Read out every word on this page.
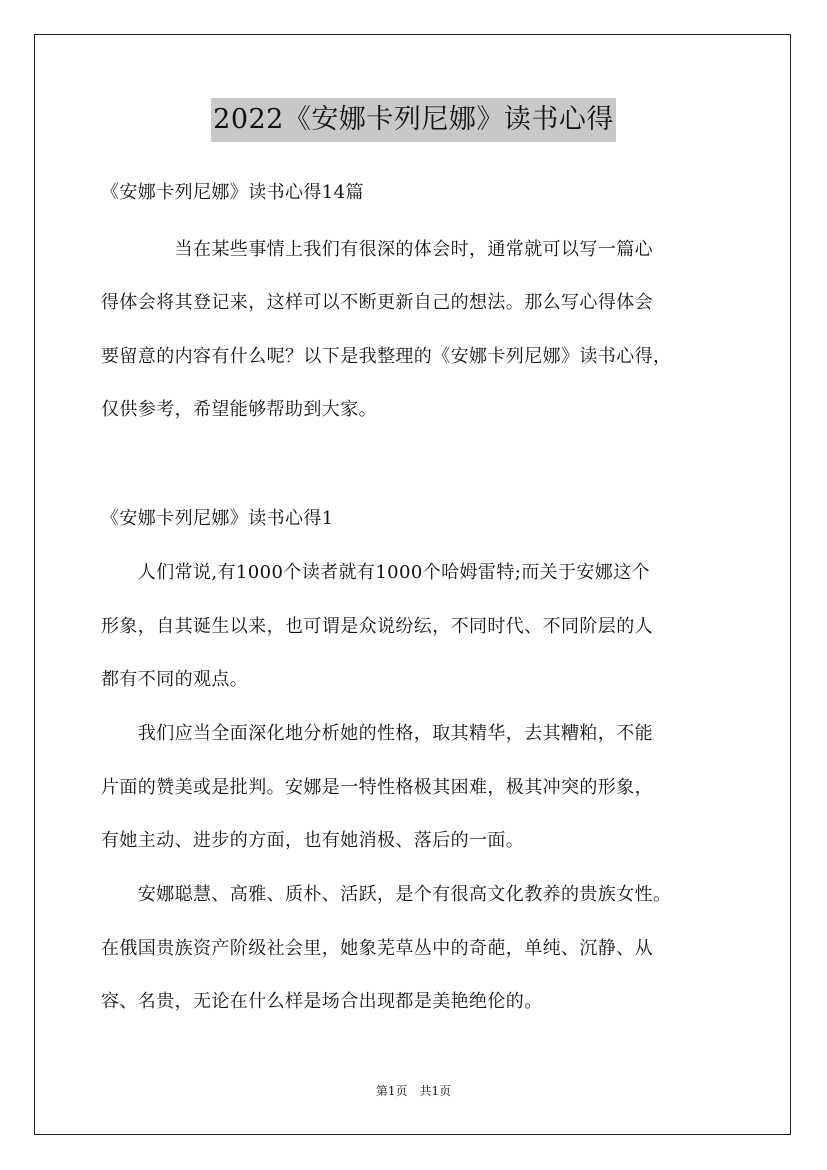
2022《安娜卡列尼娜》读书心得
《安娜卡列尼娜》读书心得14篇
　　　　当在某些事情上我们有很深的体会时，通常就可以写一篇心
得体会将其登记来，这样可以不断更新自己的想法。那么写心得体会
要留意的内容有什么呢？以下是我整理的《安娜卡列尼娜》读书心得，
仅供参考，希望能够帮助到大家。
《安娜卡列尼娜》读书心得1
　　人们常说,有1000个读者就有1000个哈姆雷特;而关于安娜这个
形象，自其诞生以来，也可谓是众说纷纭，不同时代、不同阶层的人
都有不同的观点。
　　我们应当全面深化地分析她的性格，取其精华，去其糟粕，不能
片面的赞美或是批判。安娜是一特性格极其困难，极其冲突的形象，
有她主动、进步的方面，也有她消极、落后的一面。
　　安娜聪慧、高雅、质朴、活跃，是个有很高文化教养的贵族女性。
在俄国贵族资产阶级社会里，她象芜草丛中的奇葩，单纯、沉静、从
容、名贵，无论在什么样是场合出现都是美艳绝伦的。
第1页 共1页
